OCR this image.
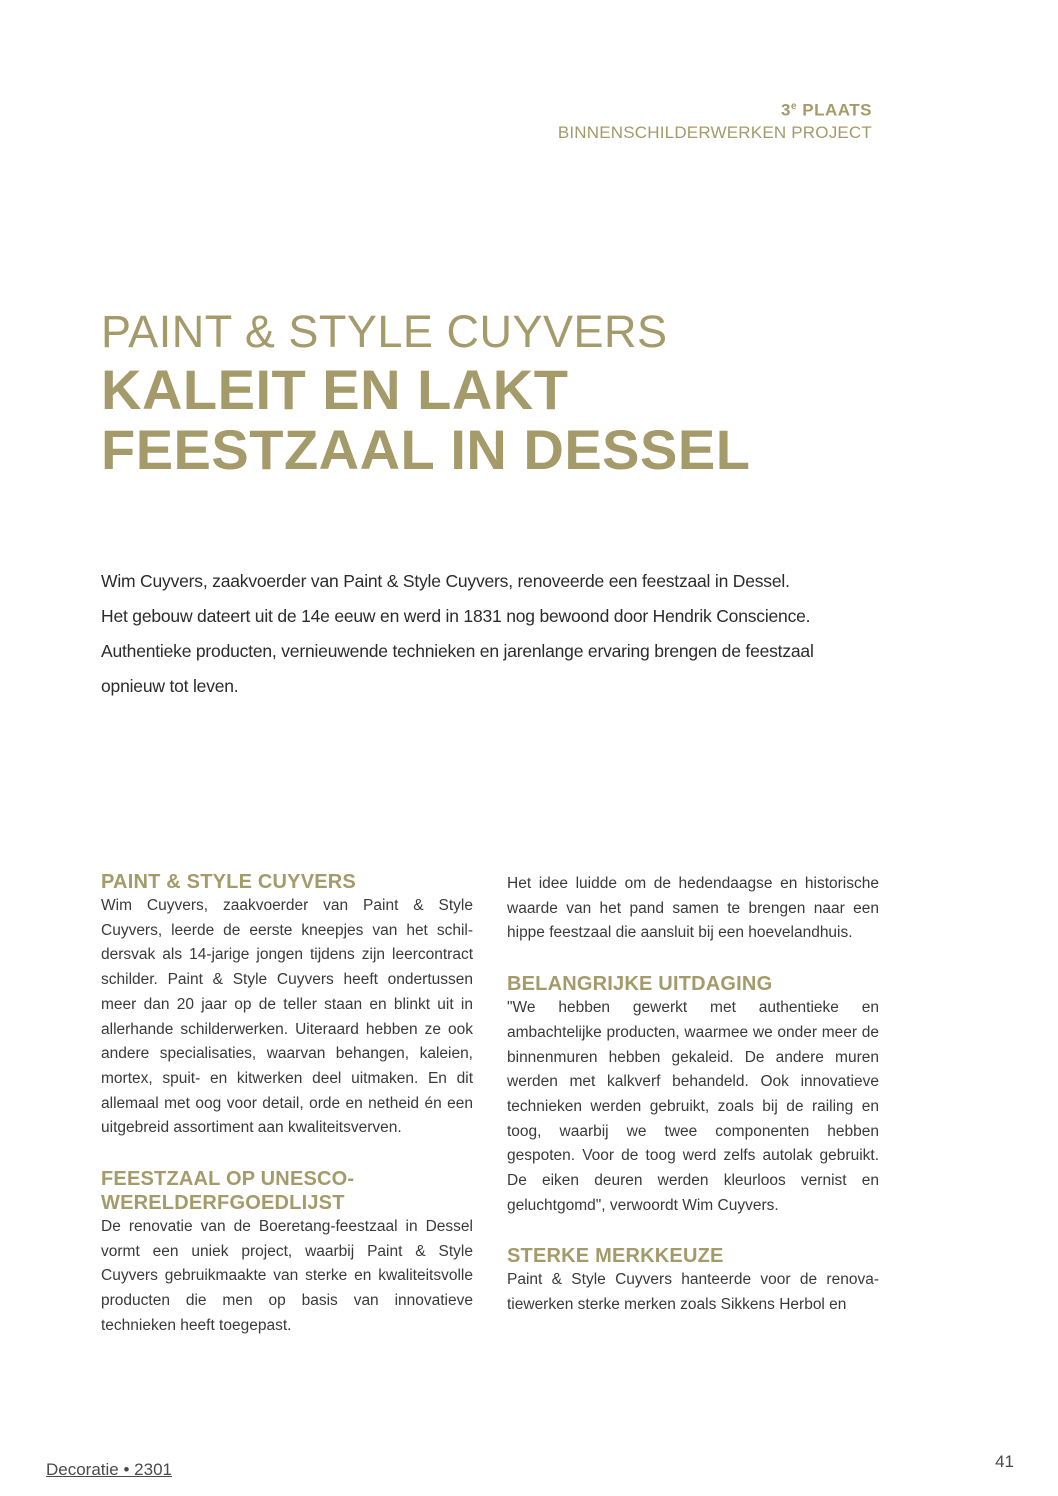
3e PLAATS
BINNENSCHILDERWERKEN PROJECT
PAINT & STYLE CUYVERS
KALEIT EN LAKT
FEESTZAAL IN DESSEL
Wim Cuyvers, zaakvoerder van Paint & Style Cuyvers, renoveerde een feestzaal in Dessel. Het gebouw dateert uit de 14e eeuw en werd in 1831 nog bewoond door Hendrik Conscience. Authentieke producten, vernieuwende technieken en jarenlange ervaring brengen de feestzaal opnieuw tot leven.
PAINT & STYLE CUYVERS

Wim Cuyvers, zaakvoerder van Paint & Style Cuyvers, leerde de eerste kneepjes van het schildersvak als 14-jarige jongen tijdens zijn leercontract schilder. Paint & Style Cuyvers heeft ondertussen meer dan 20 jaar op de teller staan en blinkt uit in allerhande schilderwerken. Uiteraard hebben ze ook andere specialisaties, waarvan behangen, kaleien, mortex, spuit- en kitwerken deel uitmaken. En dit allemaal met oog voor detail, orde en netheid én een uitgebreid assortiment aan kwaliteitsverven.

FEESTZAAL OP UNESCO-WERELDERFGOEDLIJST

De renovatie van de Boeretang-feestzaal in Dessel vormt een uniek project, waarbij Paint & Style Cuyvers gebruikmaakte van sterke en kwaliteitsvolle producten die men op basis van innovatieve technieken heeft toegepast.

Het idee luidde om de hedendaagse en historische waarde van het pand samen te brengen naar een hippe feestzaal die aansluit bij een hoevelandhuis.

BELANGRIJKE UITDAGING

"We hebben gewerkt met authentieke en ambachtelijke producten, waarmee we onder meer de binnenmuren hebben gekaleid. De andere muren werden met kalkverf behandeld. Ook innovatieve technieken werden gebruikt, zoals bij de railing en toog, waarbij we twee componenten hebben gespoten. Voor de toog werd zelfs autolak gebruikt. De eiken deuren werden kleurloos vernist en geluchtgomd", verwoordt Wim Cuyvers.

STERKE MERKKEUZE

Paint & Style Cuyvers hanteerde voor de renovatiewerken sterke merken zoals Sikkens Herbol en

Decoratie • 2301	41
